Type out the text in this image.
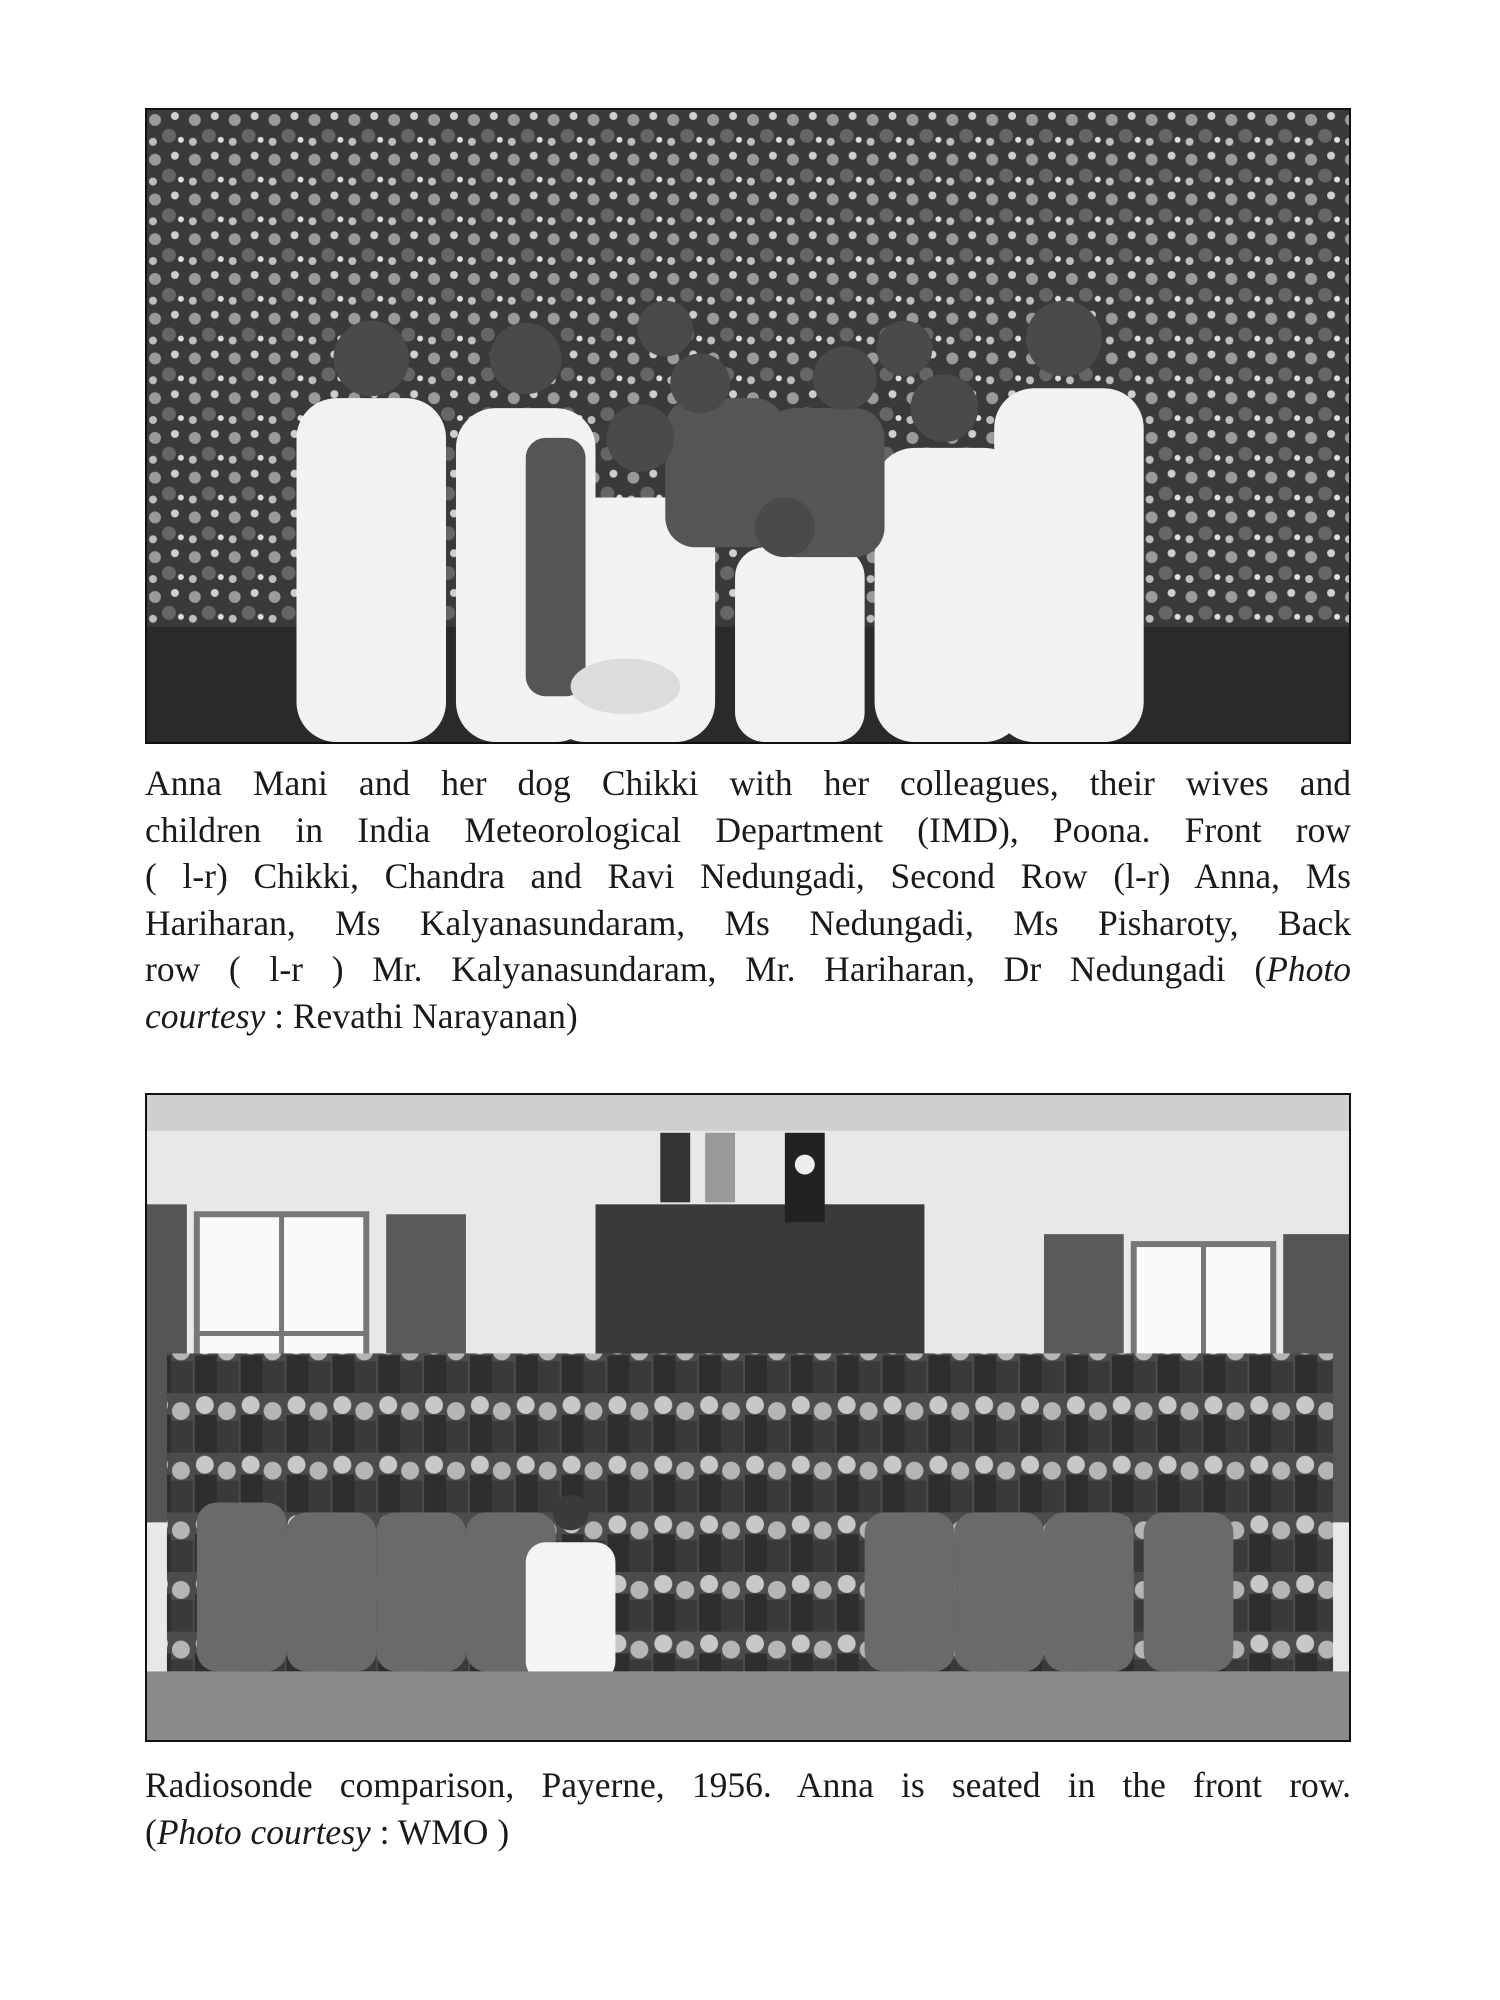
Anna Mani and her dog Chikki with her colleagues, their wives and
children in India Meteorological Department (IMD), Poona. Front row
( l-r) Chikki, Chandra and Ravi Nedungadi, Second Row (l-r) Anna, Ms
Hariharan, Ms Kalyanasundaram, Ms Nedungadi, Ms Pisharoty, Back
row ( l-r ) Mr. Kalyanasundaram, Mr. Hariharan, Dr Nedungadi (Photo
courtesy : Revathi Narayanan)

Radiosonde comparison, Payerne, 1956. Anna is seated in the front row.
(Photo courtesy : WMO )
